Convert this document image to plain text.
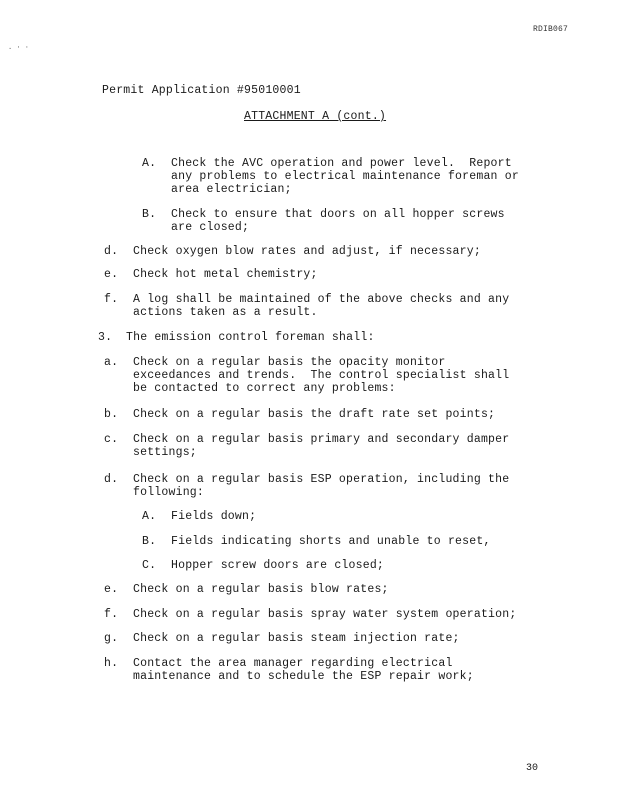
RDIB067
. · ·
Permit Application #95010001
ATTACHMENT A (cont.)
A. Check the AVC operation and power level.  Report
any problems to electrical maintenance foreman or
area electrician;
B. Check to ensure that doors on all hopper screws
are closed;
d. Check oxygen blow rates and adjust, if necessary;
e. Check hot metal chemistry;
f. A log shall be maintained of the above checks and any
actions taken as a result.
3. The emission control foreman shall:
a. Check on a regular basis the opacity monitor
exceedances and trends.  The control specialist shall
be contacted to correct any problems:
b. Check on a regular basis the draft rate set points;
c. Check on a regular basis primary and secondary damper
settings;
d. Check on a regular basis ESP operation, including the
following:
A. Fields down;
B. Fields indicating shorts and unable to reset,
C. Hopper screw doors are closed;
e. Check on a regular basis blow rates;
f. Check on a regular basis spray water system operation;
g. Check on a regular basis steam injection rate;
h. Contact the area manager regarding electrical
maintenance and to schedule the ESP repair work;
30
